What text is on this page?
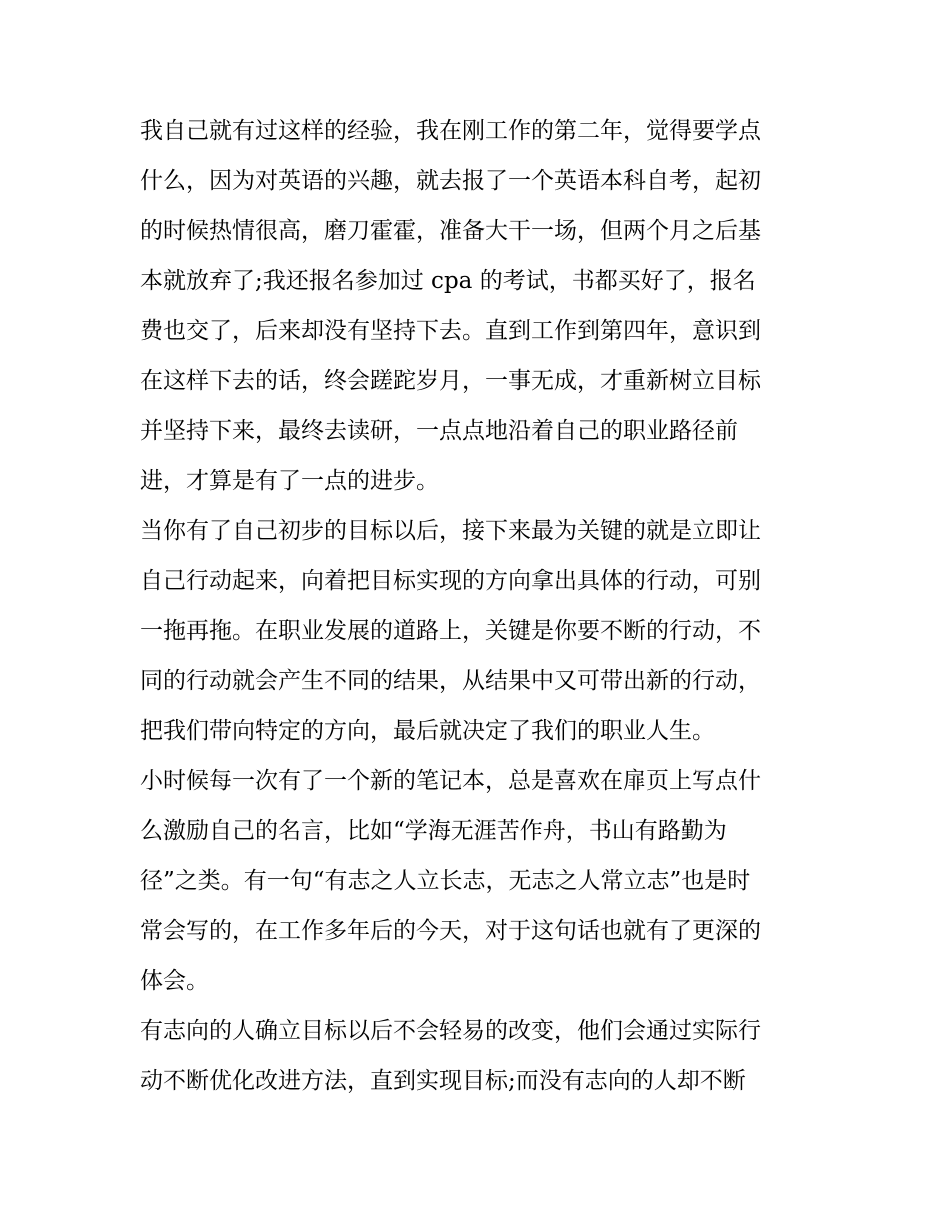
我自己就有过这样的经验，我在刚工作的第二年，觉得要学点
什么，因为对英语的兴趣，就去报了一个英语本科自考，起初
的时候热情很高，磨刀霍霍，准备大干一场，但两个月之后基
本就放弃了;我还报名参加过 cpa 的考试，书都买好了，报名
费也交了，后来却没有坚持下去。直到工作到第四年，意识到
在这样下去的话，终会蹉跎岁月，一事无成，才重新树立目标
并坚持下来，最终去读研，一点点地沿着自己的职业路径前
进，才算是有了一点的进步。
当你有了自己初步的目标以后，接下来最为关键的就是立即让
自己行动起来，向着把目标实现的方向拿出具体的行动，可别
一拖再拖。在职业发展的道路上，关键是你要不断的行动，不
同的行动就会产生不同的结果，从结果中又可带出新的行动，
把我们带向特定的方向，最后就决定了我们的职业人生。
小时候每一次有了一个新的笔记本，总是喜欢在扉页上写点什
么激励自己的名言，比如“学海无涯苦作舟，书山有路勤为
径”之类。有一句“有志之人立长志，无志之人常立志”也是时
常会写的，在工作多年后的今天，对于这句话也就有了更深的
体会。
有志向的人确立目标以后不会轻易的改变，他们会通过实际行
动不断优化改进方法，直到实现目标;而没有志向的人却不断
